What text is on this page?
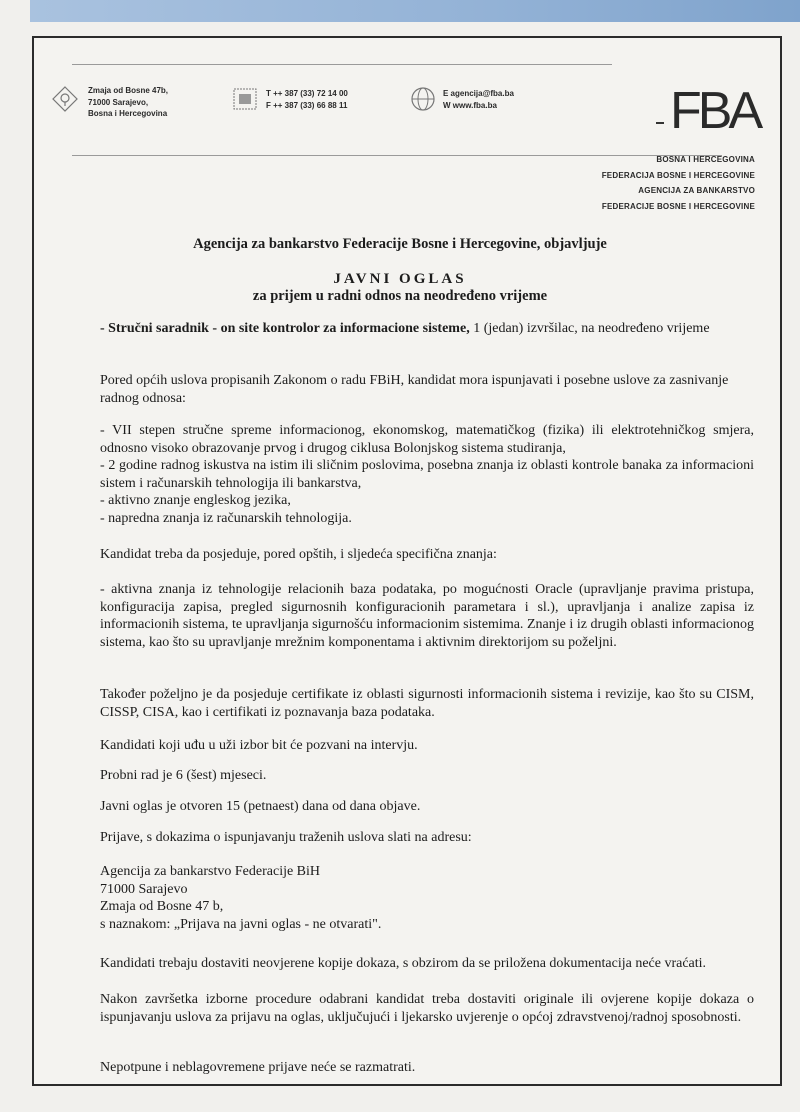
Zmaja od Bosne 47b,
71000 Sarajevo,
Bosna i Hercegovina
T ++ 387 (33) 72 14 00
F ++ 387 (33) 66 88 11
E agencija@fba.ba
W www.fba.ba	FBA
BOSNA I HERCEGOVINA
FEDERACIJA BOSNE I HERCEGOVINE
AGENCIJA ZA BANKARSTVO
FEDERACIJE BOSNE I HERCEGOVINE
Agencija za bankarstvo Federacije Bosne i Hercegovine, objavljuje
JAVNI OGLAS
za prijem u radni odnos na neodređeno vrijeme
- Stručni saradnik - on site kontrolor za informacione sisteme, 1 (jedan) izvršilac, na neodređeno vrijeme
Pored općih uslova propisanih Zakonom o radu FBiH, kandidat mora ispunjavati i posebne uslove za zasnivanje radnog odnosa:
- VII stepen stručne spreme informacionog, ekonomskog, matematičkog (fizika) ili elektrotehničkog smjera, odnosno visoko obrazovanje prvog i drugog ciklusa Bolonjskog sistema studiranja,
- 2 godine radnog iskustva na istim ili sličnim poslovima, posebna znanja iz oblasti kontrole banaka za informacioni sistem i računarskih tehnologija ili bankarstva,
- aktivno znanje engleskog jezika,
- napredna znanja iz računarskih tehnologija.
Kandidat treba da posjeduje, pored opštih, i sljedeća specifična znanja:
- aktivna znanja iz tehnologije relacionih baza podataka, po mogućnosti Oracle (upravljanje pravima pristupa, konfiguracija zapisa, pregled sigurnosnih konfiguracionih parametara i sl.), upravljanja i analize zapisa iz informacionih sistema, te upravljanja sigurnošću informacionim sistemima. Znanje i iz drugih oblasti informacionog sistema, kao što su upravljanje mrežnim komponentama i aktivnim direktorijom su poželjni.
Također poželjno je da posjeduje certifikate iz oblasti sigurnosti informacionih sistema i revizije, kao što su CISM, CISSP, CISA, kao i certifikati iz poznavanja baza podataka.
Kandidati koji uđu u uži izbor bit će pozvani na intervju.
Probni rad je 6 (šest) mjeseci.
Javni oglas je otvoren 15 (petnaest) dana od dana objave.
Prijave, s dokazima o ispunjavanju traženih uslova slati na adresu:
Agencija za bankarstvo Federacije BiH
71000 Sarajevo
Zmaja od Bosne 47 b,
s naznakom: „Prijava na javni oglas - ne otvarati".
Kandidati trebaju dostaviti neovjerene kopije dokaza, s obzirom da se priložena dokumentacija neće vraćati.
Nakon završetka izborne procedure odabrani kandidat treba dostaviti originale ili ovjerene kopije dokaza o ispunjavanju uslova za prijavu na oglas, uključujući i ljekarsko uvjerenje o općoj zdravstvenoj/radnoj sposobnosti.
Nepotpune i neblagovremene prijave neće se razmatrati.
